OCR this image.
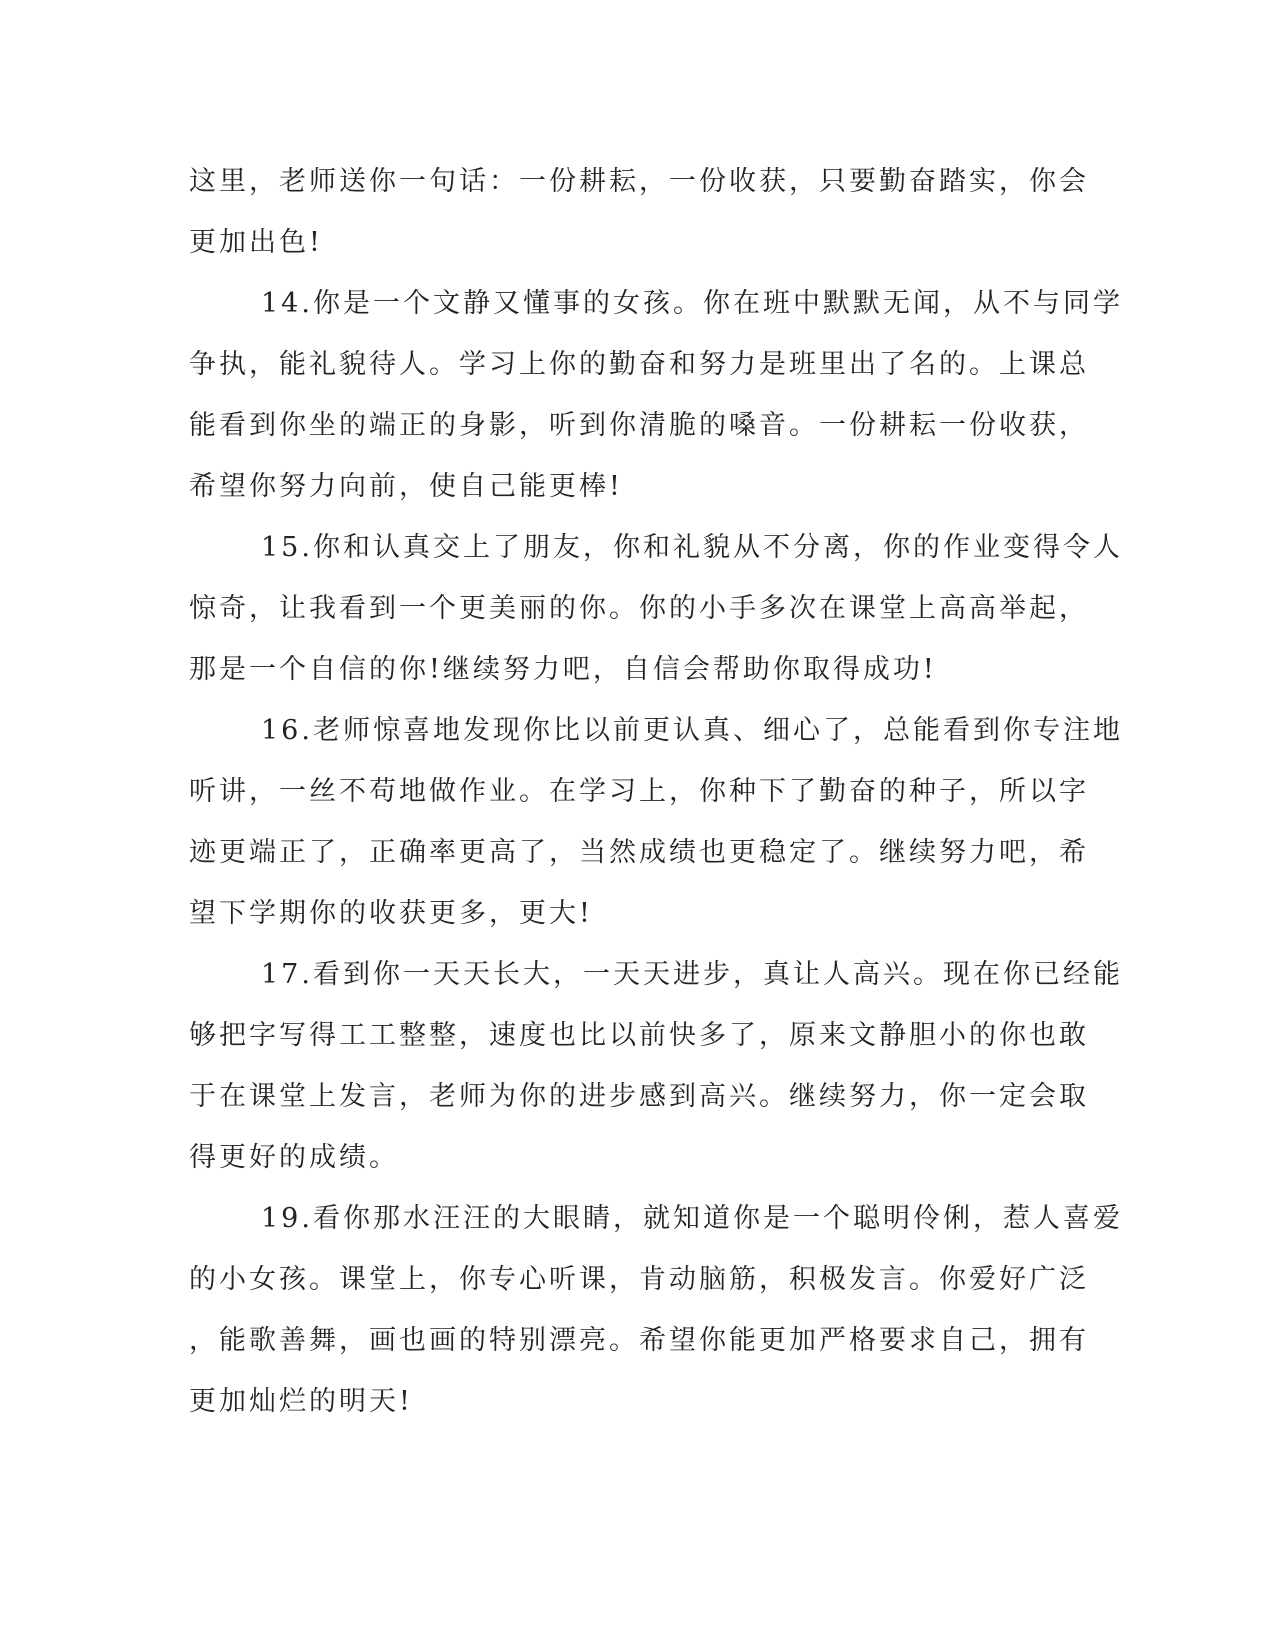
这里，老师送你一句话：一份耕耘，一份收获，只要勤奋踏实，你会
更加出色!
14.你是一个文静又懂事的女孩。你在班中默默无闻，从不与同学
争执，能礼貌待人。学习上你的勤奋和努力是班里出了名的。上课总
能看到你坐的端正的身影，听到你清脆的嗓音。一份耕耘一份收获，
希望你努力向前，使自己能更棒!
15.你和认真交上了朋友，你和礼貌从不分离，你的作业变得令人
惊奇，让我看到一个更美丽的你。你的小手多次在课堂上高高举起，
那是一个自信的你!继续努力吧，自信会帮助你取得成功!
16.老师惊喜地发现你比以前更认真、细心了，总能看到你专注地
听讲，一丝不苟地做作业。在学习上，你种下了勤奋的种子，所以字
迹更端正了，正确率更高了，当然成绩也更稳定了。继续努力吧，希
望下学期你的收获更多，更大!
17.看到你一天天长大，一天天进步，真让人高兴。现在你已经能
够把字写得工工整整，速度也比以前快多了，原来文静胆小的你也敢
于在课堂上发言，老师为你的进步感到高兴。继续努力，你一定会取
得更好的成绩。
19.看你那水汪汪的大眼睛，就知道你是一个聪明伶俐，惹人喜爱
的小女孩。课堂上，你专心听课，肯动脑筋，积极发言。你爱好广泛
，能歌善舞，画也画的特别漂亮。希望你能更加严格要求自己，拥有
更加灿烂的明天!
